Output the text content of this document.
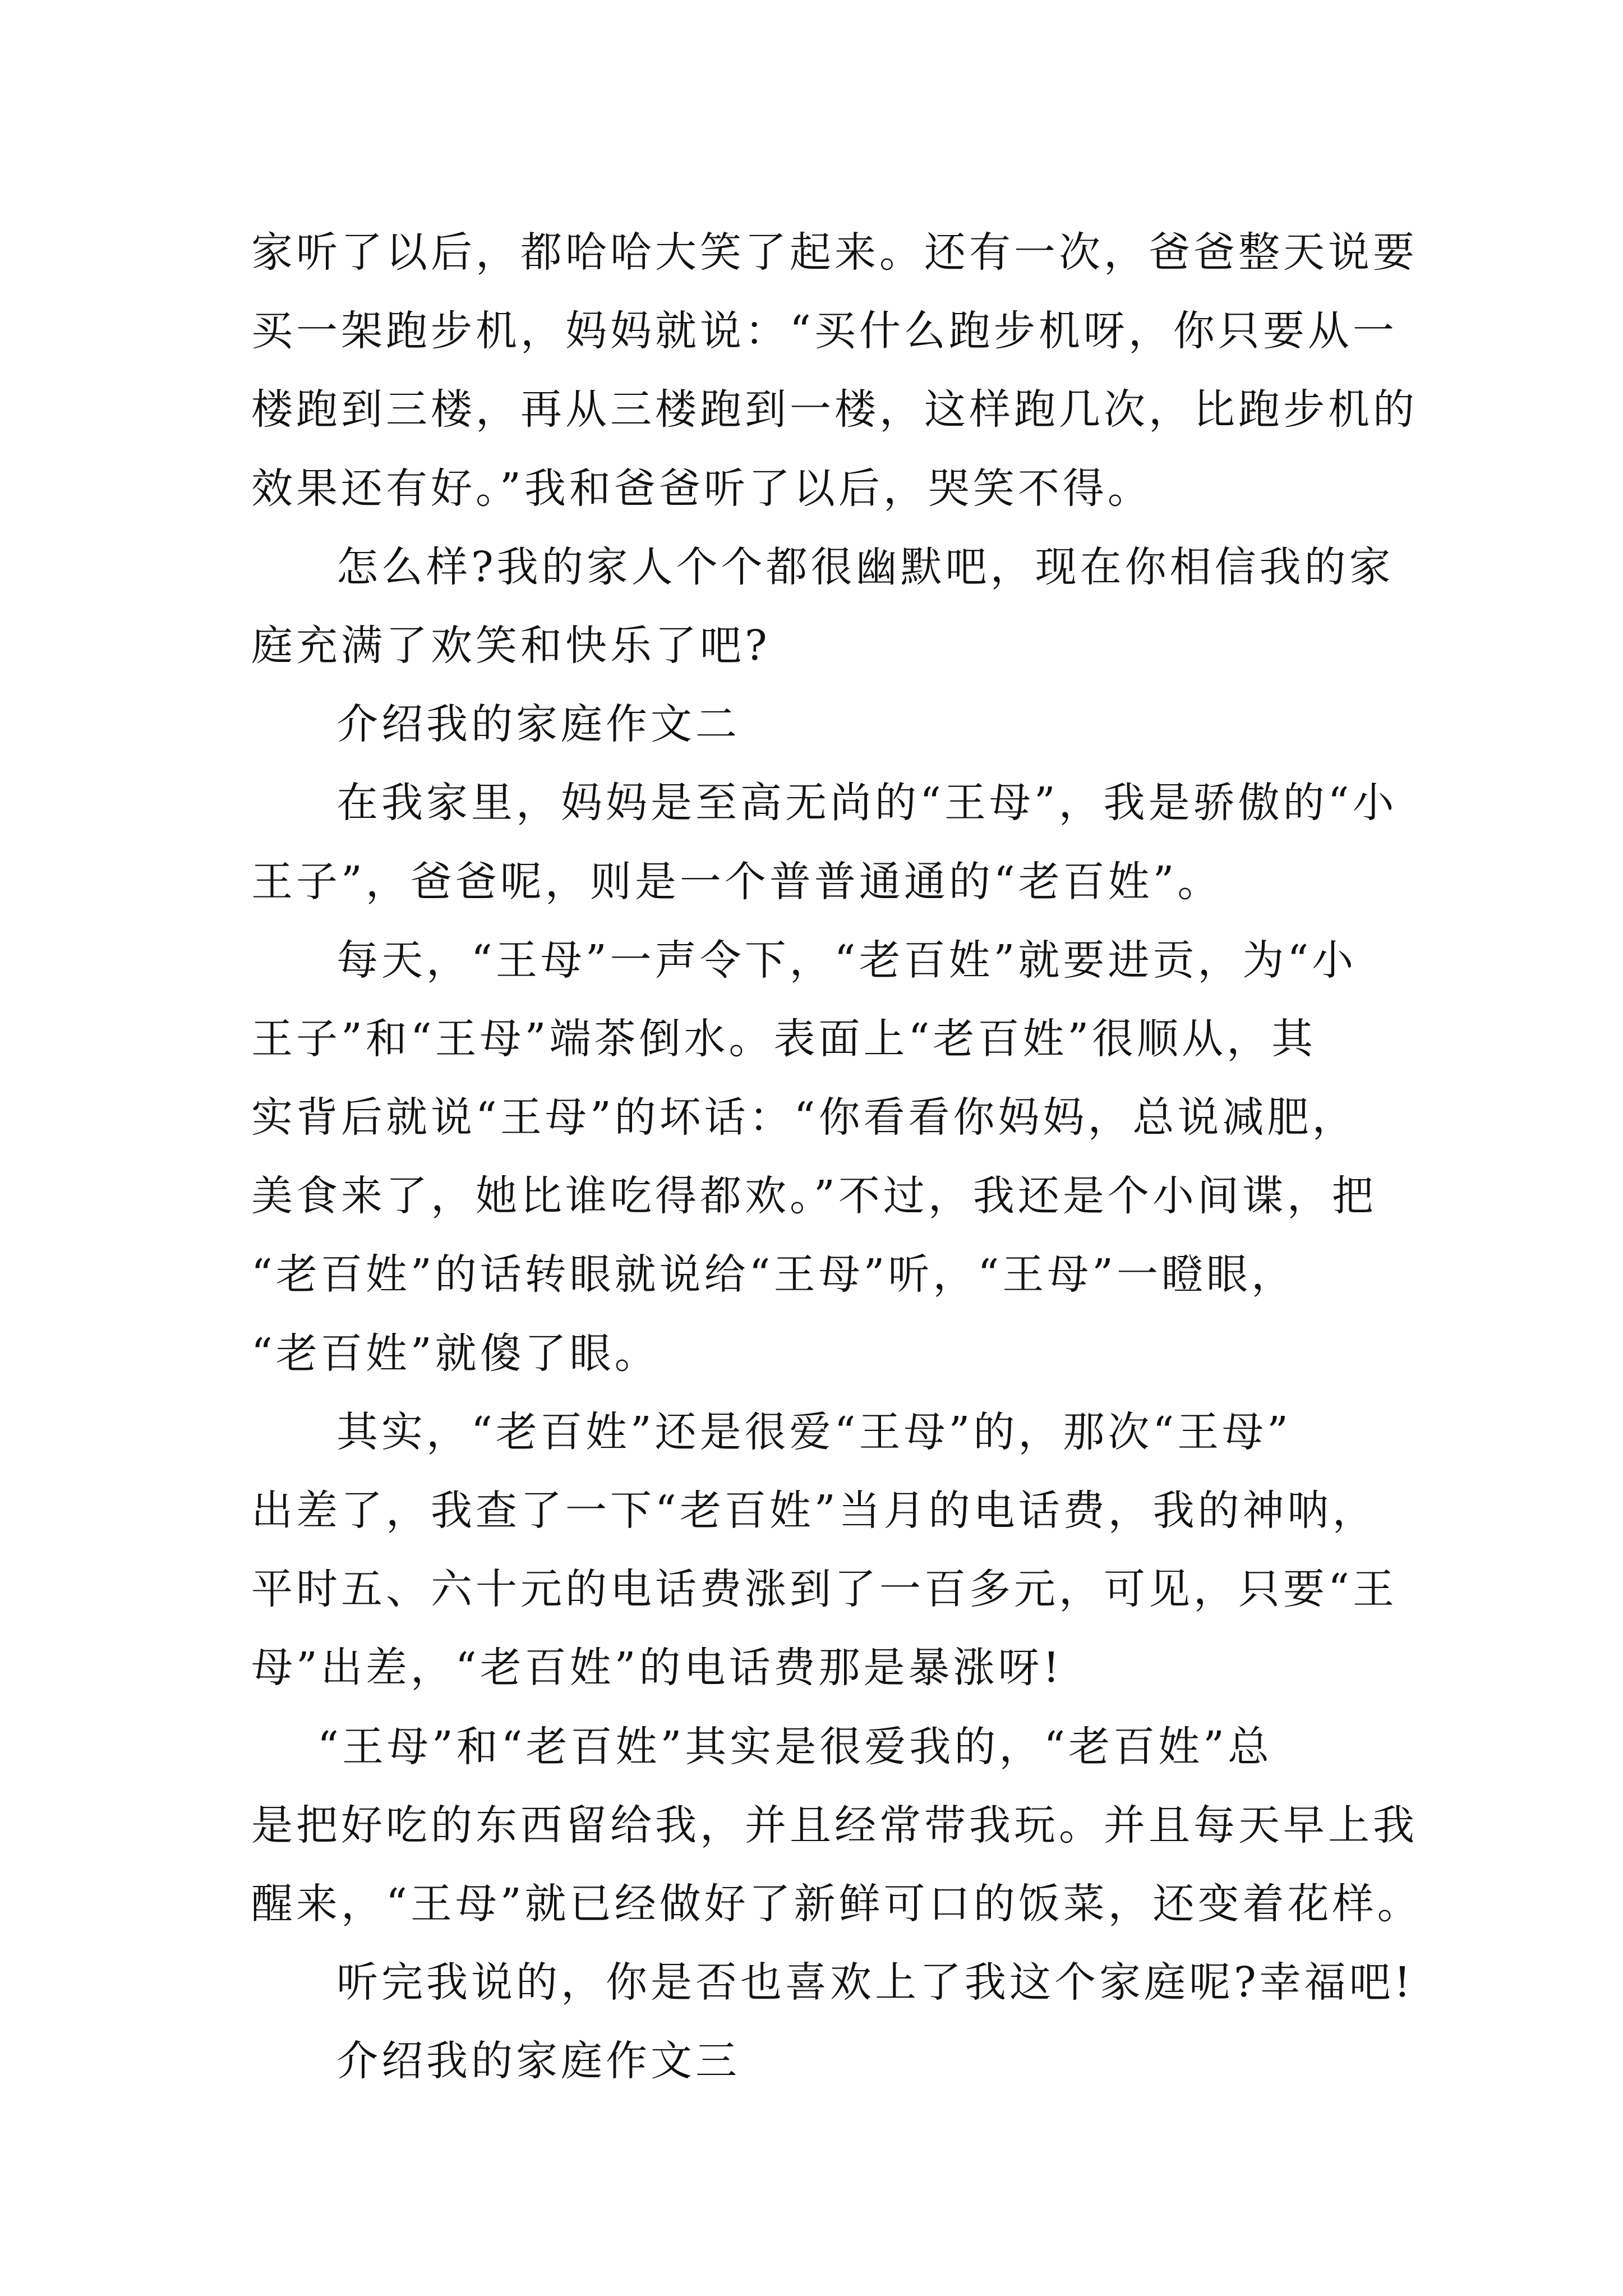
家听了以后，都哈哈大笑了起来。还有一次，爸爸整天说要
买一架跑步机，妈妈就说：“买什么跑步机呀，你只要从一
楼跑到三楼，再从三楼跑到一楼，这样跑几次，比跑步机的
效果还有好。”我和爸爸听了以后，哭笑不得。
怎么样?我的家人个个都很幽默吧，现在你相信我的家
庭充满了欢笑和快乐了吧?
介绍我的家庭作文二
在我家里，妈妈是至高无尚的“王母”，我是骄傲的“小
王子”，爸爸呢，则是一个普普通通的“老百姓”。
每天，“王母”一声令下，“老百姓”就要进贡，为“小
王子”和“王母”端茶倒水。表面上“老百姓”很顺从，其
实背后就说“王母”的坏话：“你看看你妈妈，总说减肥，
美食来了，她比谁吃得都欢。”不过，我还是个小间谍，把
“老百姓”的话转眼就说给“王母”听，“王母”一瞪眼，
“老百姓”就傻了眼。
其实，“老百姓”还是很爱“王母”的，那次“王母”
出差了，我查了一下“老百姓”当月的电话费，我的神呐，
平时五、六十元的电话费涨到了一百多元，可见，只要“王
母”出差，“老百姓”的电话费那是暴涨呀!
“王母”和“老百姓”其实是很爱我的，“老百姓”总
是把好吃的东西留给我，并且经常带我玩。并且每天早上我
醒来，“王母”就已经做好了新鲜可口的饭菜，还变着花样。
听完我说的，你是否也喜欢上了我这个家庭呢?幸福吧!
介绍我的家庭作文三
